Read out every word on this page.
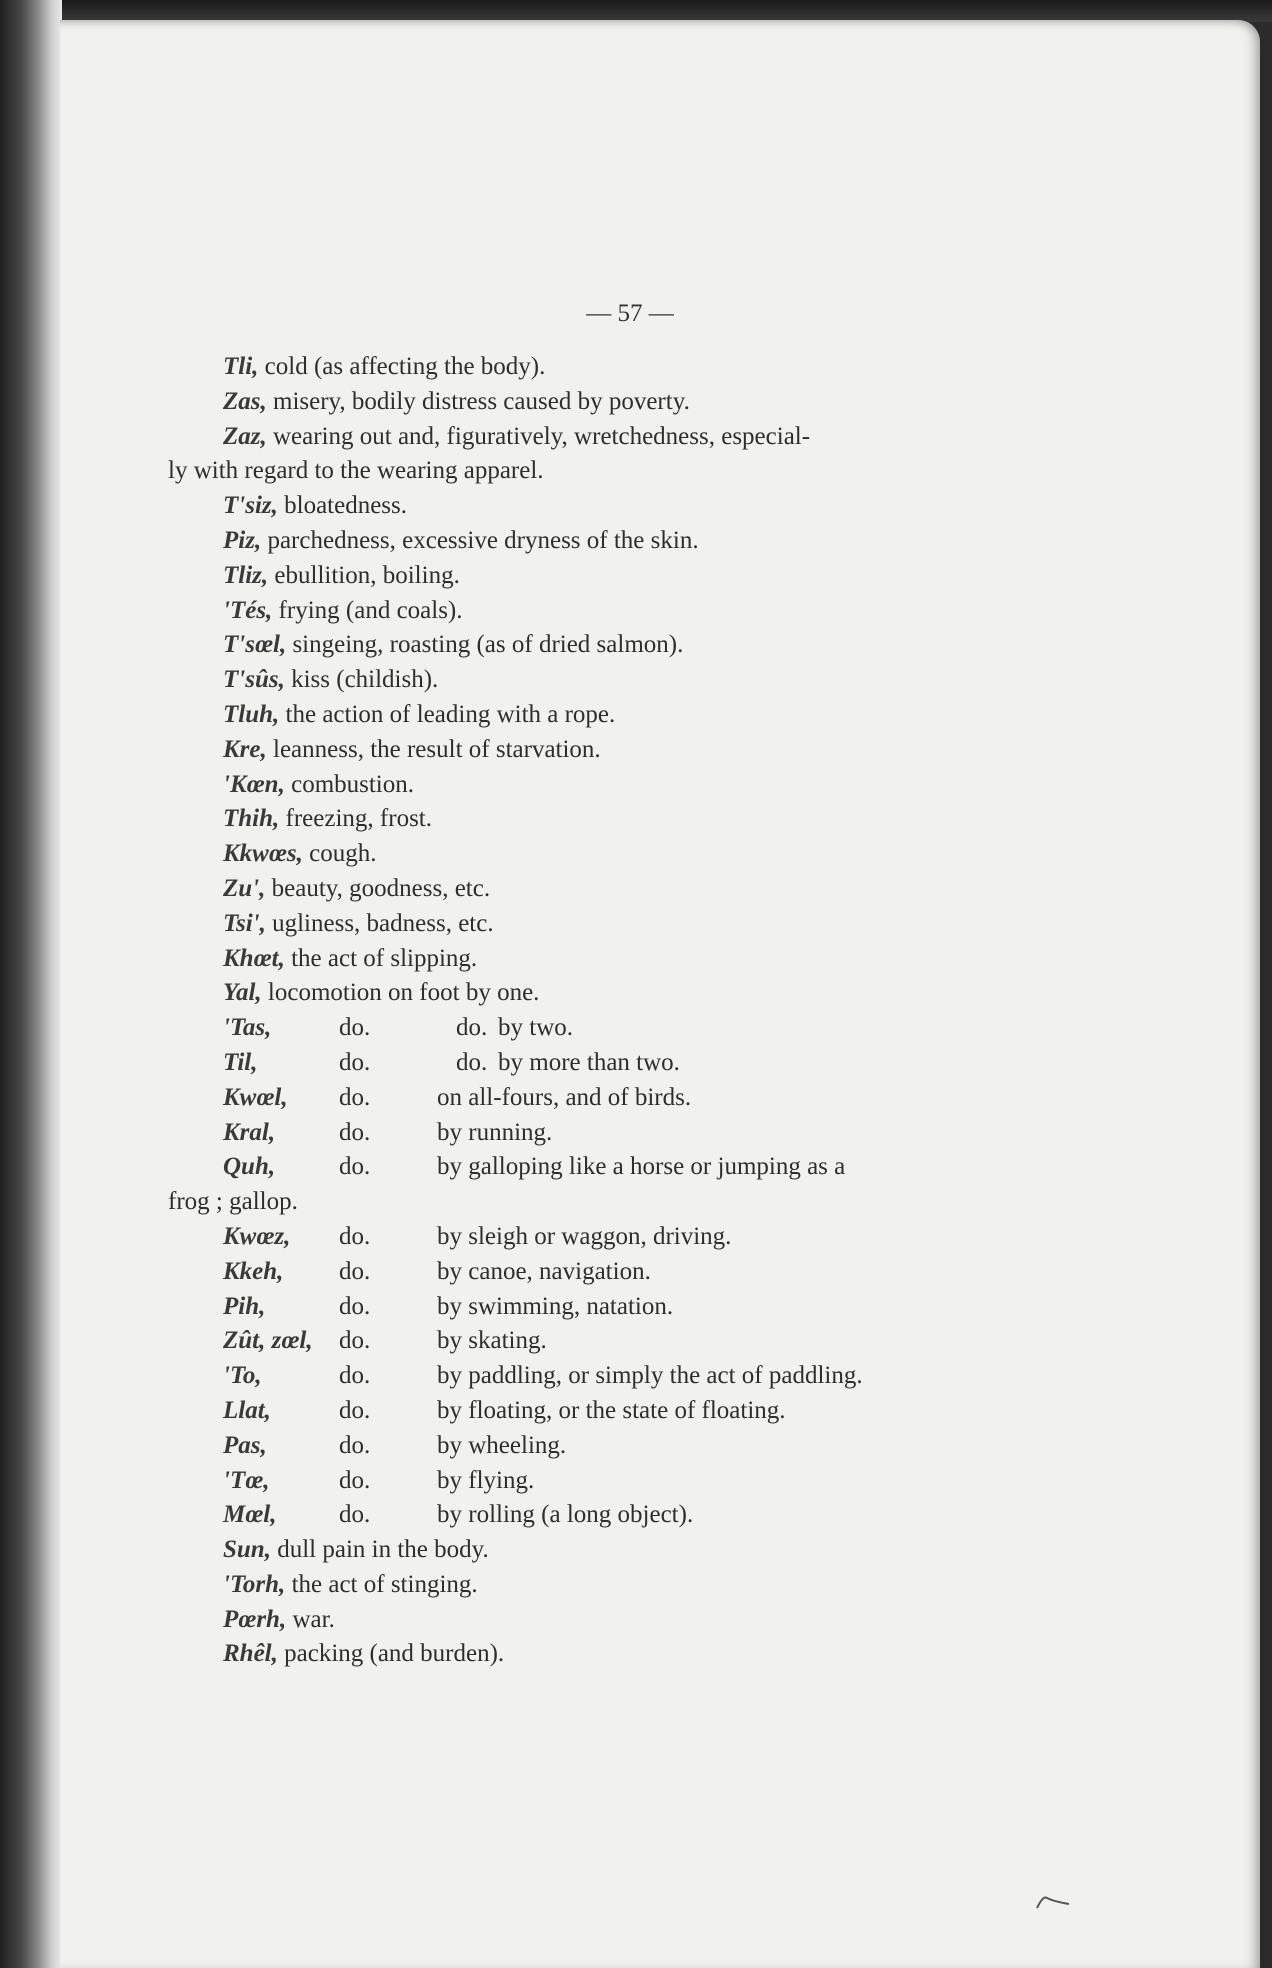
— 57 —
Tli, cold (as affecting the body).
Zas, misery, bodily distress caused by poverty.
Zaz, wearing out and, figuratively, wretchedness, especial-
ly with regard to the wearing apparel.
T'siz, bloatedness.
Piz, parchedness, excessive dryness of the skin.
Tliz, ebullition, boiling.
'Tés, frying (and coals).
T'sœl, singeing, roasting (as of dried salmon).
T'sûs, kiss (childish).
Tluh, the action of leading with a rope.
Kre, leanness, the result of starvation.
'Kœn, combustion.
Thih, freezing, frost.
Kkwœs, cough.
Zu', beauty, goodness, etc.
Tsi', ugliness, badness, etc.
Khœt, the act of slipping.
Yal, locomotion on foot by one.
'Tas,	do.	do. by two.
Til,	do.	do. by more than two.
Kwœl, do.	on all-fours, and of birds.
Kral,	do.	by running.
Quh,	do.	by galloping like a horse or jumping as a
frog ; gallop.
Kwœz, do.	by sleigh or waggon, driving.
Kkeh, do.	by canoe, navigation.
Pih,	do.	by swimming, natation.
Zût, zœl, do.	by skating.
'To,	do.	by paddling, or simply the act of paddling.
Llat,	do.	by floating, or the state of floating.
Pas,	do.	by wheeling.
'Tœ,	do.	by flying.
Mœl,	do.	by rolling (a long object).
Sun, dull pain in the body.
'Torh, the act of stinging.
Pœrh, war.
Rhêl, packing (and burden).
